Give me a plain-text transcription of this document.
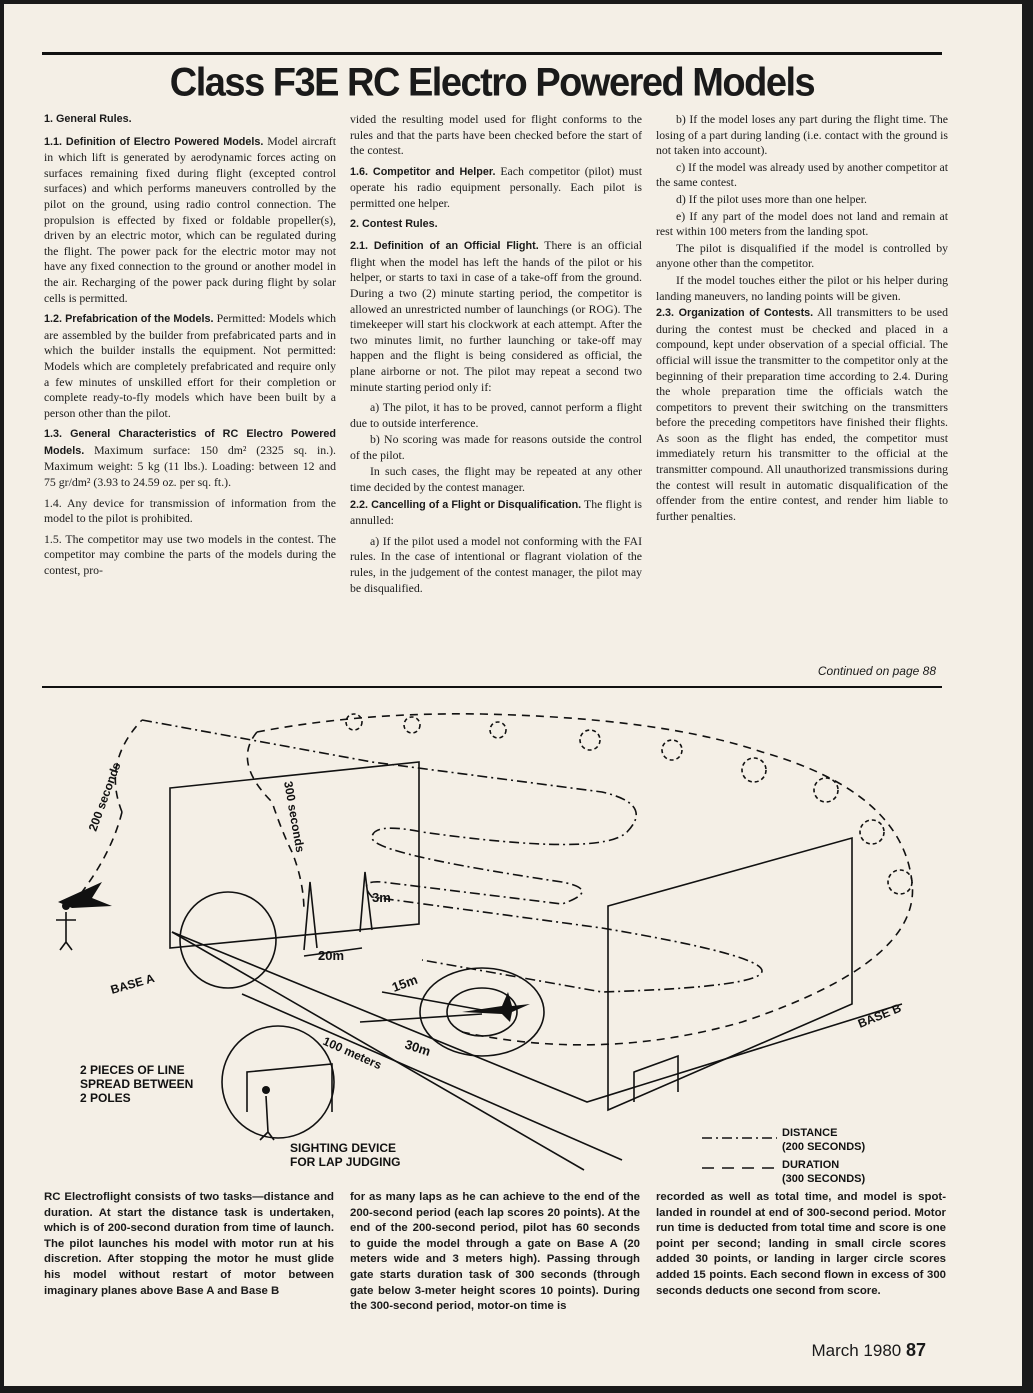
Class F3E RC Electro Powered Models

1. General Rules.

1.1. Definition of Electro Powered Models. Model aircraft in which lift is generated by aerodynamic forces acting on surfaces remaining fixed during flight (excepted control surfaces) and which performs maneuvers controlled by the pilot on the ground, using radio control connection. The propulsion is effected by fixed or foldable propeller(s), driven by an electric motor, which can be regulated during the flight. The power pack for the electric motor may not have any fixed connection to the ground or another model in the air. Recharging of the power pack during flight by solar cells is permitted.

1.2. Prefabrication of the Models. Permitted: Models which are assembled by the builder from prefabricated parts and in which the builder installs the equipment. Not permitted: Models which are completely prefabricated and require only a few minutes of unskilled effort for their completion or complete ready-to-fly models which have been built by a person other than the pilot.

1.3. General Characteristics of RC Electro Powered Models. Maximum surface: 150 dm² (2325 sq. in.). Maximum weight: 5 kg (11 lbs.). Loading: between 12 and 75 gr/dm² (3.93 to 24.59 oz. per sq. ft.).

1.4. Any device for transmission of information from the model to the pilot is prohibited.

1.5. The competitor may use two models in the contest. The competitor may combine the parts of the models during the contest, pro-

vided the resulting model used for flight conforms to the rules and that the parts have been checked before the start of the contest.

1.6. Competitor and Helper. Each competitor (pilot) must operate his radio equipment personally. Each pilot is permitted one helper.

2. Contest Rules.

2.1. Definition of an Official Flight. There is an official flight when the model has left the hands of the pilot or his helper, or starts to taxi in case of a take-off from the ground. During a two (2) minute starting period, the competitor is allowed an unrestricted number of launchings (or ROG). The timekeeper will start his clockwork at each attempt. After the two minutes limit, no further launching or take-off may happen and the flight is being considered as official, the plane airborne or not. The pilot may repeat a second two minute starting period only if:

a) The pilot, it has to be proved, cannot perform a flight due to outside interference.

b) No scoring was made for reasons outside the control of the pilot.

In such cases, the flight may be repeated at any other time decided by the contest manager.

2.2. Cancelling of a Flight or Disqualification. The flight is annulled:

a) If the pilot used a model not conforming with the FAI rules. In the case of intentional or flagrant violation of the rules, in the judgement of the contest manager, the pilot may be disqualified.

b) If the model loses any part during the flight time. The losing of a part during landing (i.e. contact with the ground is not taken into account).

c) If the model was already used by another competitor at the same contest.

d) If the pilot uses more than one helper.

e) If any part of the model does not land and remain at rest within 100 meters from the landing spot.

The pilot is disqualified if the model is controlled by anyone other than the competitor.

If the model touches either the pilot or his helper during landing maneuvers, no landing points will be given.

2.3. Organization of Contests. All transmitters to be used during the contest must be checked and placed in a compound, kept under observation of a special official. The official will issue the transmitter to the competitor only at the beginning of their preparation time according to 2.4. During the whole preparation time the officials watch the competitors to prevent their switching on the transmitters before the preceding competitors have finished their flights. As soon as the flight has ended, the competitor must immediately return his transmitter to the official at the transmitter compound. All unauthorized transmissions during the contest will result in automatic disqualification of the offender from the entire contest, and render him liable to further penalties.

Continued on page 88
200 seconds	300 seconds
3m
20m
15m
30m
100 meters
BASE A
BASE B
2 PIECES OF LINE
SPREAD BETWEEN
2 POLES
SIGHTING DEVICE
FOR LAP JUDGING
DISTANCE
(200 SECONDS)
DURATION
(300 SECONDS)
RC Electroflight consists of two tasks—distance and duration. At start the distance task is undertaken, which is of 200-second duration from time of launch. The pilot launches his model with motor run at his discretion. After stopping the motor he must glide his model without restart of motor between imaginary planes above Base A and Base B
for as many laps as he can achieve to the end of the 200-second period (each lap scores 20 points). At the end of the 200-second period, pilot has 60 seconds to guide the model through a gate on Base A (20 meters wide and 3 meters high). Passing through gate starts duration task of 300 seconds (through gate below 3-meter height scores 10 points). During the 300-second period, motor-on time is
recorded as well as total time, and model is spot-landed in roundel at end of 300-second period. Motor run time is deducted from total time and score is one point per second; landing in small circle scores added 30 points, or landing in larger circle scores added 15 points. Each second flown in excess of 300 seconds deducts one second from score.
March 1980 87
